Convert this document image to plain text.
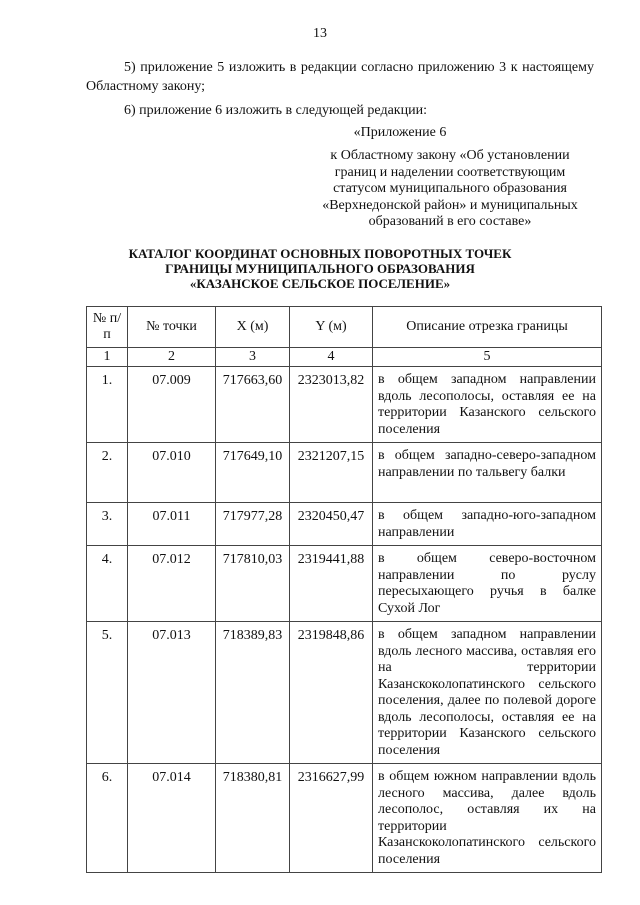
13

5) приложение 5 изложить в редакции согласно приложению 3 к настоящему Областному закону;

6) приложение 6 изложить в следующей редакции:

«Приложение 6
к Областному закону «Об установлении
границ и наделении соответствующим
статусом муниципального образования
«Верхнедонской район» и муниципальных
образований в его составе»
КАТАЛОГ КООРДИНАТ ОСНОВНЫХ ПОВОРОТНЫХ ТОЧЕК
ГРАНИЦЫ МУНИЦИПАЛЬНОГО ОБРАЗОВАНИЯ
«КАЗАНСКОЕ СЕЛЬСКОЕ ПОСЕЛЕНИЕ»
№ п/п	№ точки	X (м)	Y (м)	Описание отрезка границы
1	2	3	4	5
1.	07.009	717663,60	2323013,82	в общем западном направлении вдоль лесополосы, оставляя ее на территории Казанского сельского поселения
2.	07.010	717649,10	2321207,15	в общем западно-северо-западном направлении по тальвегу балки
3.	07.011	717977,28	2320450,47	в общем западно-юго-западном направлении
4.	07.012	717810,03	2319441,88	в общем северо-восточном направлении по руслу пересыхающего ручья в балке Сухой Лог
5.	07.013	718389,83	2319848,86	в общем западном направлении вдоль лесного массива, оставляя его на территории Казанскоколопатинского сельского поселения, далее по полевой дороге вдоль лесополосы, оставляя ее на территории Казанского сельского поселения
6.	07.014	718380,81	2316627,99	в общем южном направлении вдоль лесного массива, далее вдоль лесополос, оставляя их на территории Казанскоколопатинского сельского поселения
